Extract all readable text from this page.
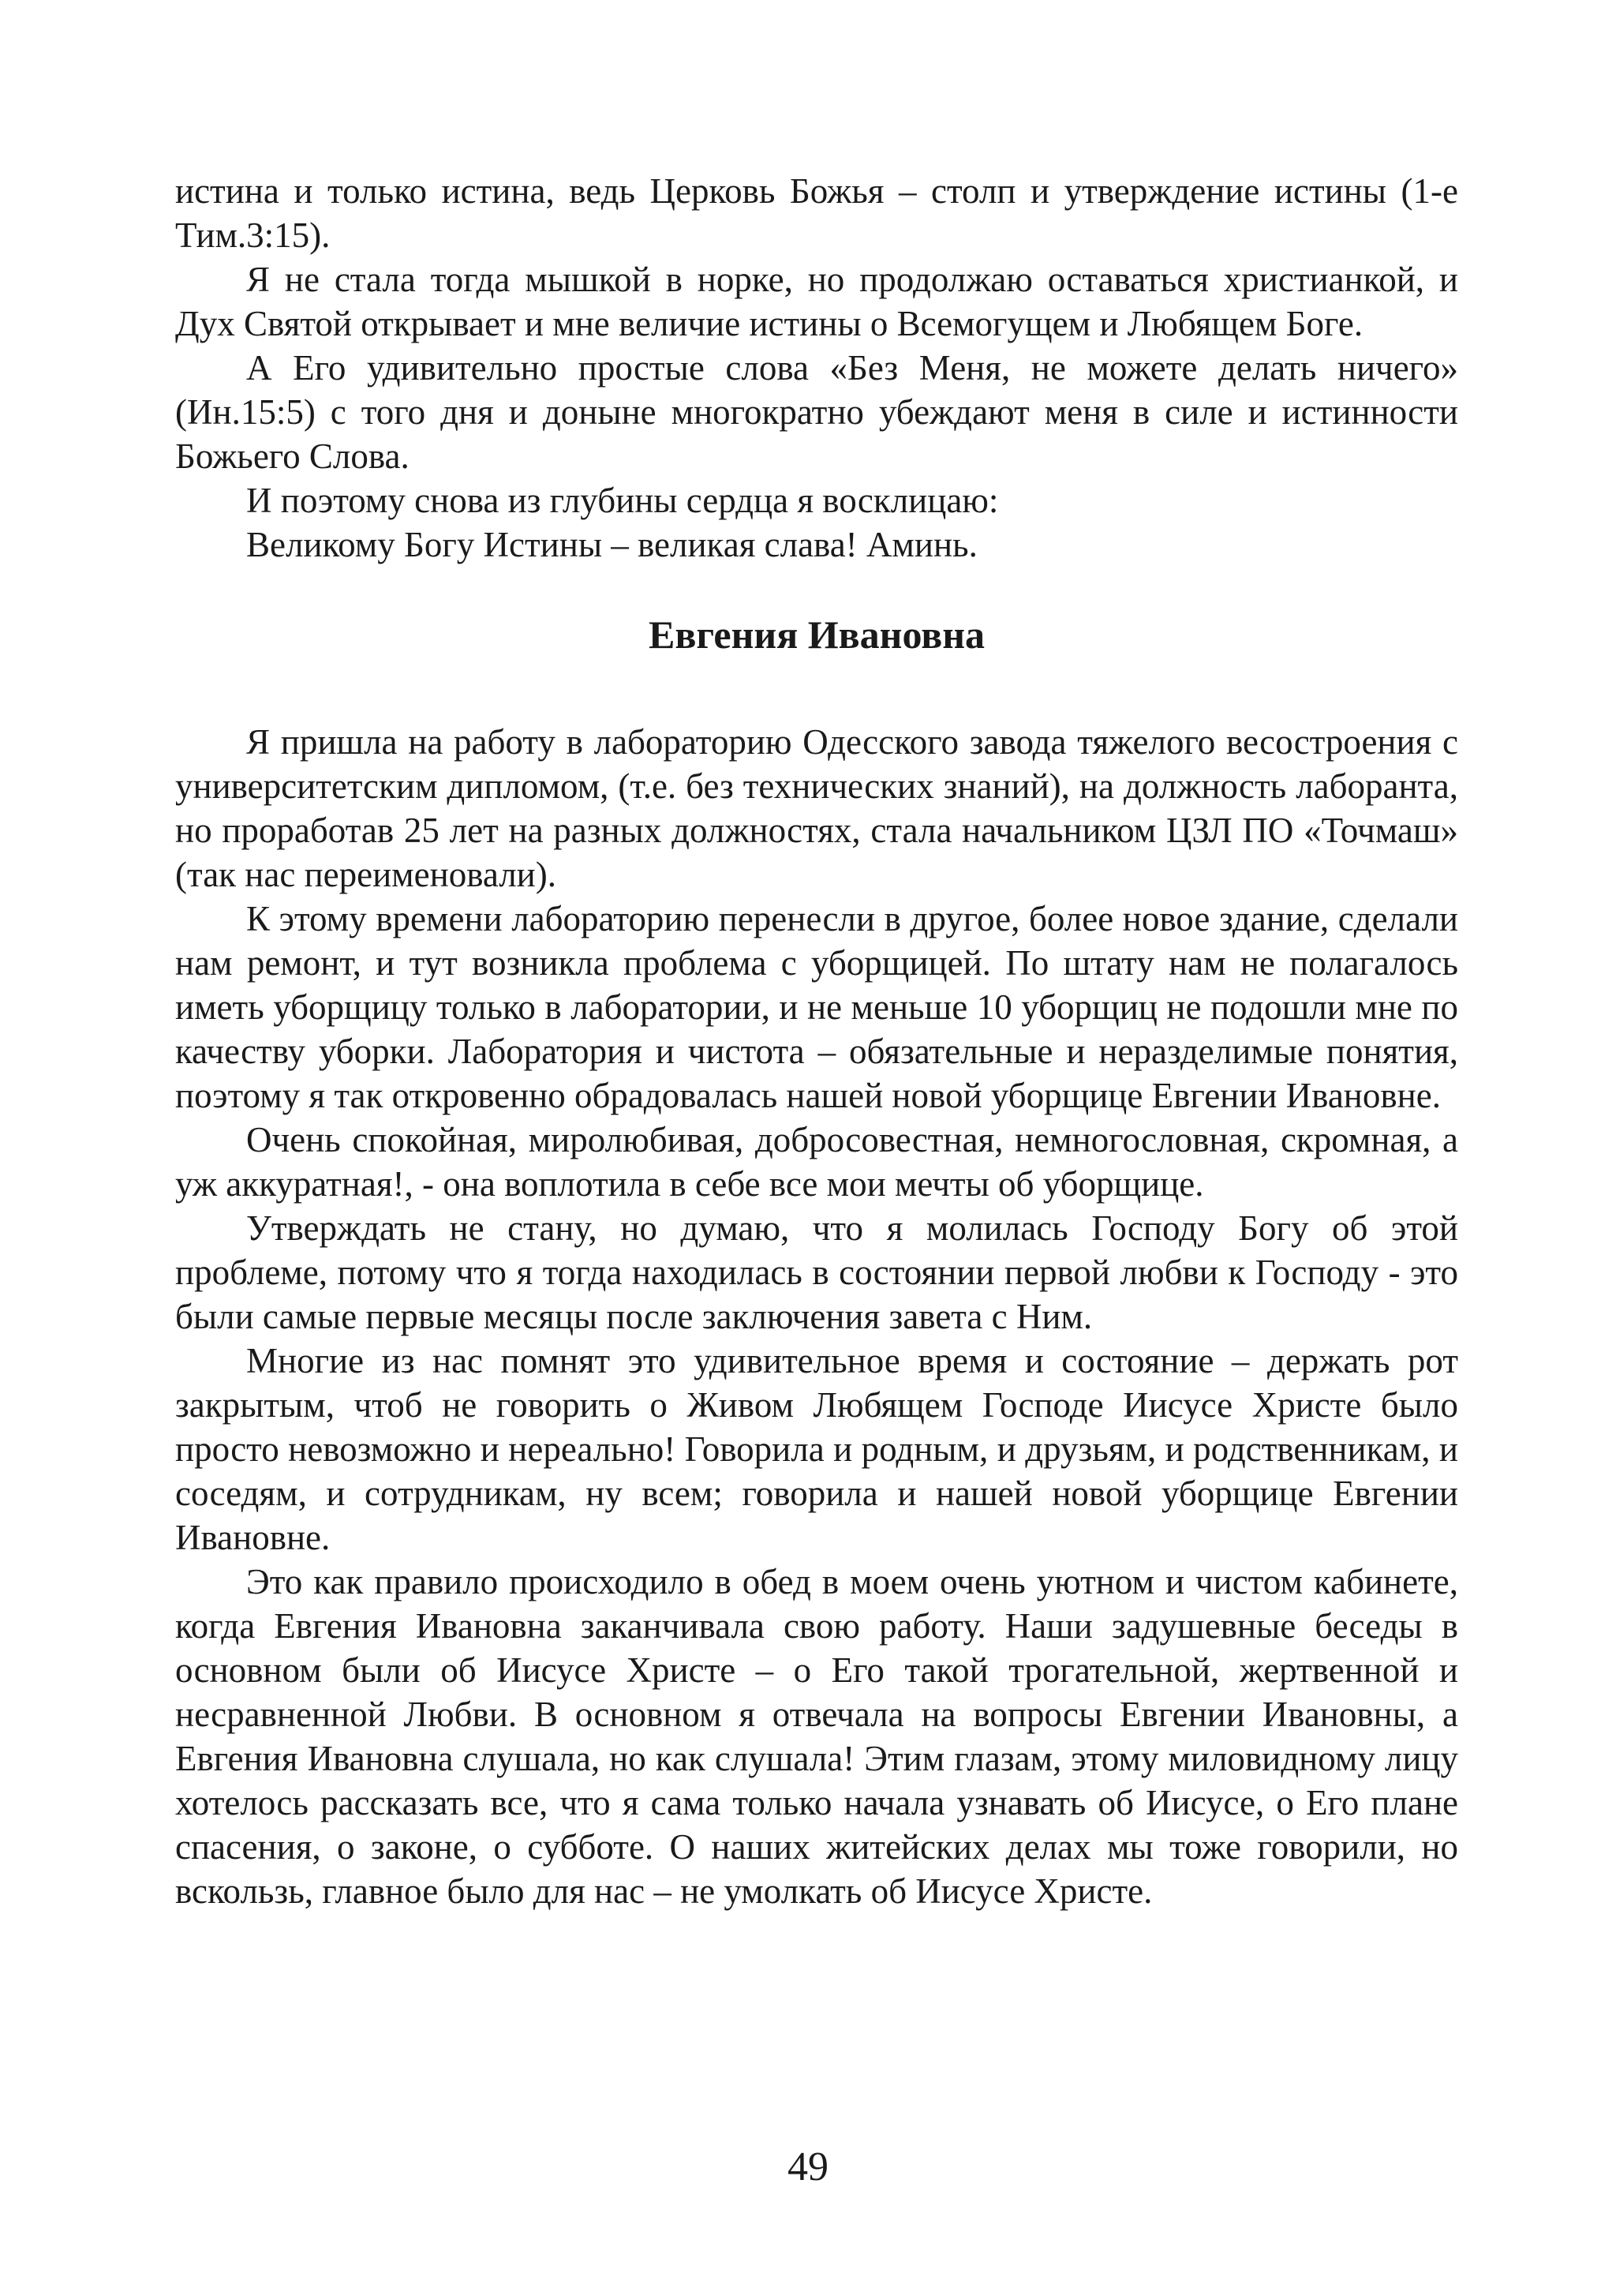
истина и только истина, ведь Церковь Божья – столп и утверждение истины (1-е Тим.3:15).

Я не стала тогда мышкой в норке, но продолжаю оставаться христианкой, и Дух Святой открывает и мне величие истины о Всемогущем и Любящем Боге.

А Его удивительно простые слова «Без Меня, не можете делать ничего» (Ин.15:5) с того дня и доныне многократно убеждают меня в силе и истинности Божьего Слова.

И поэтому снова из глубины сердца я восклицаю:

Великому Богу Истины – великая слава! Аминь.

Евгения Ивановна

Я пришла на работу в лабораторию Одесского завода тяжелого весостроения с университетским дипломом, (т.е. без технических знаний), на должность лаборанта, но проработав 25 лет на разных должностях, стала начальником ЦЗЛ ПО «Точмаш» (так нас переименовали).

К этому времени лабораторию перенесли в другое, более новое здание, сделали нам ремонт, и тут возникла проблема с уборщицей. По штату нам не полагалось иметь уборщицу только в лаборатории, и не меньше 10 уборщиц не подошли мне по качеству уборки. Лаборатория и чистота – обязательные и неразделимые понятия, поэтому я так откровенно обрадовалась нашей новой уборщице Евгении Ивановне.

Очень спокойная, миролюбивая, добросовестная, немногословная, скромная, а уж аккуратная!, - она воплотила в себе все мои мечты об уборщице.

Утверждать не стану, но думаю, что я молилась Господу Богу об этой проблеме, потому что я тогда находилась в состоянии первой любви к Господу - это были самые первые месяцы после заключения завета с Ним.

Многие из нас помнят это удивительное время и состояние – держать рот закрытым, чтоб не говорить о Живом Любящем Господе Иисусе Христе было просто невозможно и нереально! Говорила и родным, и друзьям, и родственникам, и соседям, и сотрудникам, ну всем; говорила и нашей новой уборщице Евгении Ивановне.

Это как правило происходило в обед в моем очень уютном и чистом кабинете, когда Евгения Ивановна заканчивала свою работу. Наши задушевные беседы в основном были об Иисусе Христе – о Его такой трогательной, жертвенной и несравненной Любви. В основном я отвечала на вопросы Евгении Ивановны, а Евгения Ивановна слушала, но как слушала! Этим глазам, этому миловидному лицу хотелось рассказать все, что я сама только начала узнавать об Иисусе, о Его плане спасения, о законе, о субботе. О наших житейских делах мы тоже говорили, но вскользь, главное было для нас – не умолкать об Иисусе Христе.

49
